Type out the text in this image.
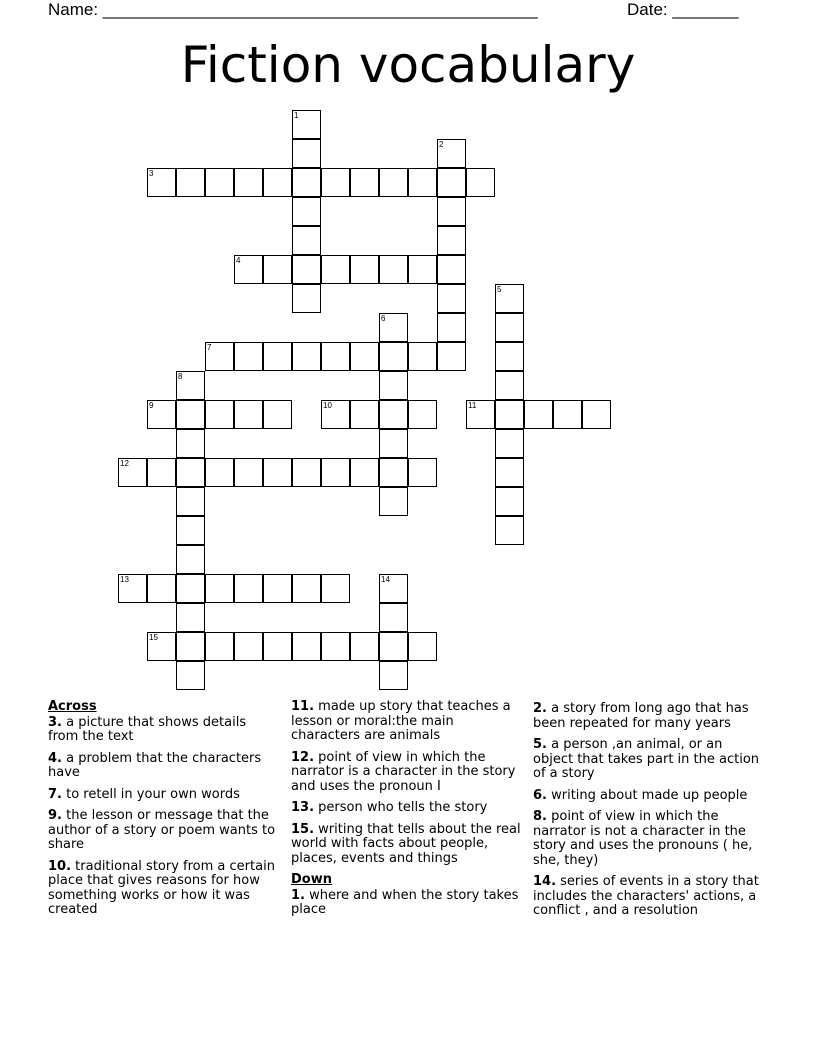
Name: ______________________________________________	Date: _______
Fiction vocabulary
1
2
3
4
5
6
7
8
9	10	11
12
13	14
15
Across
3. a picture that shows details from the text
4. a problem that the characters have
7. to retell in your own words
9. the lesson or message that the author of a story or poem wants to share
10. traditional story from a certain place that gives reasons for how something works or how it was created
11. made up story that teaches a lesson or moral:the main characters are animals
12. point of view in which the narrator is a character in the story and uses the pronoun I
13. person who tells the story
15. writing that tells about the real world with facts about people, places, events and things
Down
1. where and when the story takes place
2. a story from long ago that has been repeated for many years
5. a person ,an animal, or an object that takes part in the action of a story
6. writing about made up people
8. point of view in which the narrator is not a character in the story and uses the pronouns ( he, she, they)
14. series of events in a story that includes the characters' actions, a conflict , and a resolution
